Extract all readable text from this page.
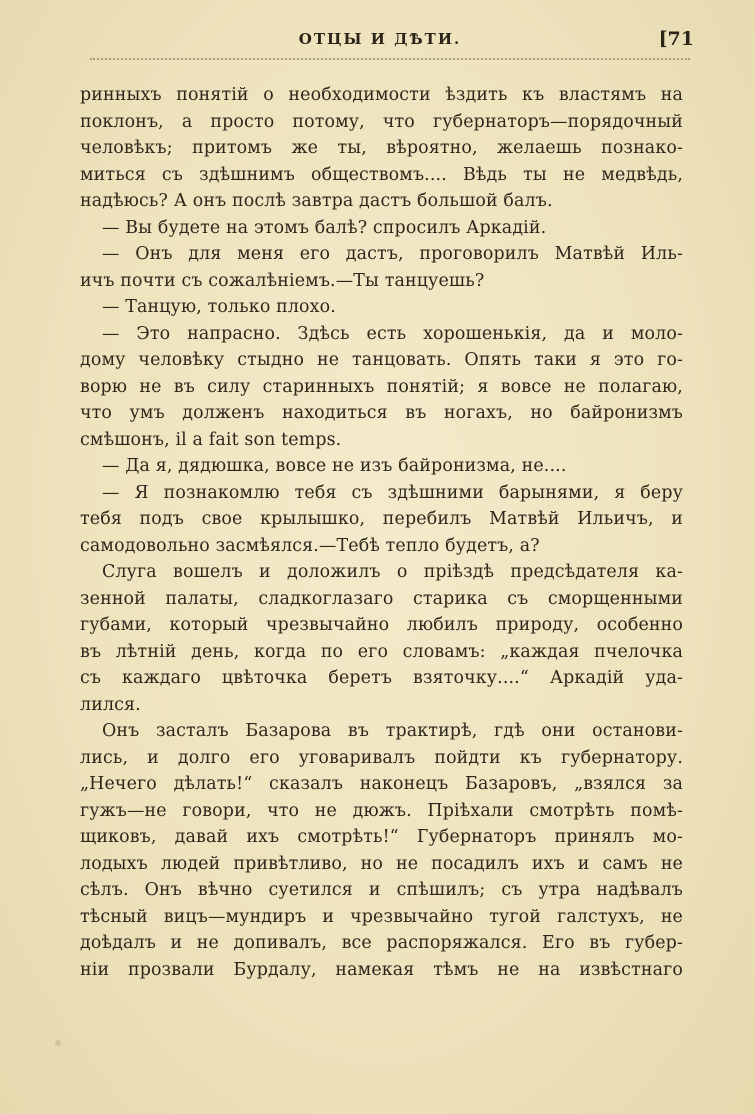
ОТЦЫ И ДѢТИ.	[71
ринныхъ понятій о необходимости ѣздить къ властямъ на
поклонъ, а просто потому, что губернаторъ—порядочный
человѣкъ; притомъ же ты, вѣроятно, желаешь познако-
миться съ здѣшнимъ обществомъ.... Вѣдь ты не медвѣдь,
надѣюсь? А онъ послѣ завтра дастъ большой балъ.
— Вы будете на этомъ балѣ? спросилъ Аркадій.
— Онъ для меня его дастъ, проговорилъ Матвѣй Иль-
ичъ почти съ сожалѣніемъ.—Ты танцуешь?
— Танцую, только плохо.
— Это напрасно. Здѣсь есть хорошенькія, да и моло-
дому человѣку стыдно не танцовать. Опять таки я это го-
ворю не въ силу старинныхъ понятій; я вовсе не полагаю,
что умъ долженъ находиться въ ногахъ, но байронизмъ
смѣшонъ, il a fait son temps.
— Да я, дядюшка, вовсе не изъ байронизма, не....
— Я познакомлю тебя съ здѣшними барынями, я беру
тебя подъ свое крылышко, перебилъ Матвѣй Ильичъ, и
самодовольно засмѣялся.—Тебѣ тепло будетъ, а?
Слуга вошелъ и доложилъ о пріѣздѣ предсѣдателя ка-
зенной палаты, сладкоглазаго старика съ сморщенными
губами, который чрезвычайно любилъ природу, особенно
въ лѣтній день, когда по его словамъ: „каждая пчелочка
съ каждаго цвѣточка беретъ взяточку....“ Аркадій уда-
лился.
Онъ засталъ Базарова въ трактирѣ, гдѣ они останови-
лись, и долго его уговаривалъ пойдти къ губернатору.
„Нечего дѣлать!“ сказалъ наконецъ Базаровъ, „взялся за
гужъ—не говори, что не дюжъ. Пріѣхали смотрѣть помѣ-
щиковъ, давай ихъ смотрѣть!“ Губернаторъ принялъ мо-
лодыхъ людей привѣтливо, но не посадилъ ихъ и самъ не
сѣлъ. Онъ вѣчно суетился и спѣшилъ; съ утра надѣвалъ
тѣсный вицъ—мундиръ и чрезвычайно тугой галстухъ, не
доѣдалъ и не допивалъ, все распоряжался. Его въ губер-
ніи прозвали Бурдалу, намекая тѣмъ не на извѣстнаго
